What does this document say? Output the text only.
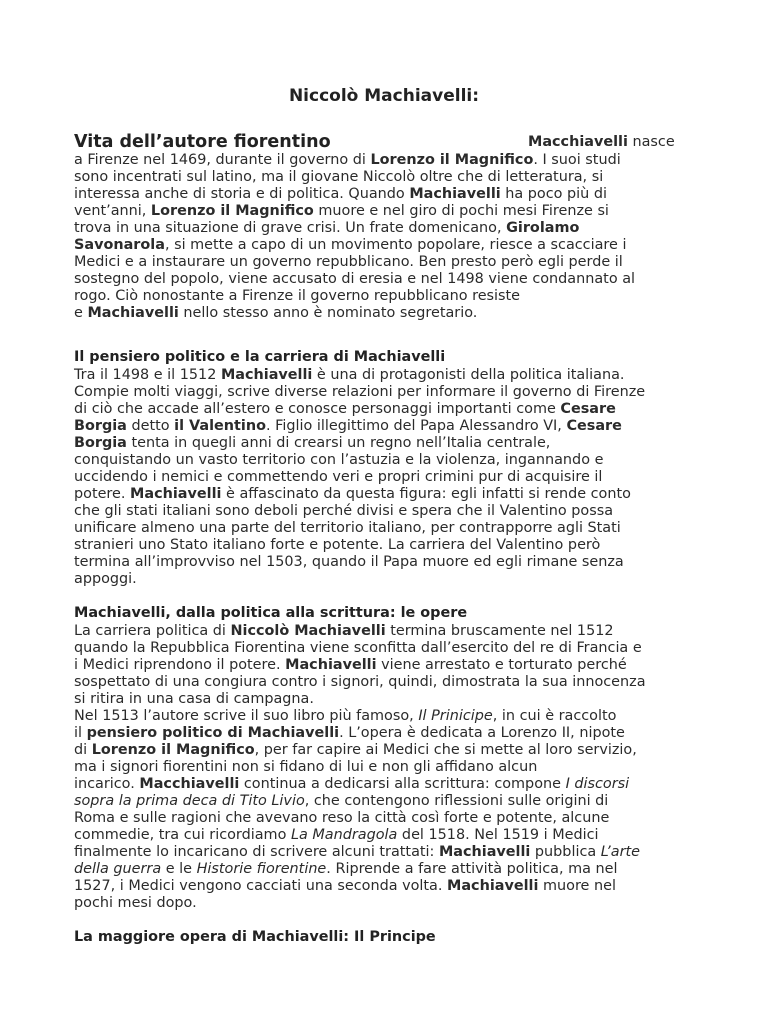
Niccolò Machiavelli:
Vita dell’autore fiorentino	Macchiavelli nasce
a Firenze nel 1469, durante il governo di Lorenzo il Magnifico. I suoi studi
sono incentrati sul latino, ma il giovane Niccolò oltre che di letteratura, si
interessa anche di storia e di politica. Quando Machiavelli ha poco più di
vent’anni, Lorenzo il Magnifico muore e nel giro di pochi mesi Firenze si
trova in una situazione di grave crisi. Un frate domenicano, Girolamo
Savonarola, si mette a capo di un movimento popolare, riesce a scacciare i
Medici e a instaurare un governo repubblicano. Ben presto però egli perde il
sostegno del popolo, viene accusato di eresia e nel 1498 viene condannato al
rogo. Ciò nonostante a Firenze il governo repubblicano resiste
e Machiavelli nello stesso anno è nominato segretario.
Il pensiero politico e la carriera di Machiavelli
Tra il 1498 e il 1512 Machiavelli è una di protagonisti della politica italiana.
Compie molti viaggi, scrive diverse relazioni per informare il governo di Firenze
di ciò che accade all’estero e conosce personaggi importanti come Cesare
Borgia detto il Valentino. Figlio illegittimo del Papa Alessandro VI, Cesare
Borgia tenta in quegli anni di crearsi un regno nell’Italia centrale,
conquistando un vasto territorio con l’astuzia e la violenza, ingannando e
uccidendo i nemici e commettendo veri e propri crimini pur di acquisire il
potere. Machiavelli è affascinato da questa figura: egli infatti si rende conto
che gli stati italiani sono deboli perché divisi e spera che il Valentino possa
unificare almeno una parte del territorio italiano, per contrapporre agli Stati
stranieri uno Stato italiano forte e potente. La carriera del Valentino però
termina all’improvviso nel 1503, quando il Papa muore ed egli rimane senza
appoggi.
Machiavelli, dalla politica alla scrittura: le opere
La carriera politica di Niccolò Machiavelli termina bruscamente nel 1512
quando la Repubblica Fiorentina viene sconfitta dall’esercito del re di Francia e
i Medici riprendono il potere. Machiavelli viene arrestato e torturato perché
sospettato di una congiura contro i signori, quindi, dimostrata la sua innocenza
si ritira in una casa di campagna.
Nel 1513 l’autore scrive il suo libro più famoso, Il Prinicipe, in cui è raccolto
il pensiero politico di Machiavelli. L’opera è dedicata a Lorenzo II, nipote
di Lorenzo il Magnifico, per far capire ai Medici che si mette al loro servizio,
ma i signori fiorentini non si fidano di lui e non gli affidano alcun
incarico. Macchiavelli continua a dedicarsi alla scrittura: compone I discorsi
sopra la prima deca di Tito Livio, che contengono riflessioni sulle origini di
Roma e sulle ragioni che avevano reso la città così forte e potente, alcune
commedie, tra cui ricordiamo La Mandragola del 1518. Nel 1519 i Medici
finalmente lo incaricano di scrivere alcuni trattati: Machiavelli pubblica L’arte
della guerra e le Historie fiorentine. Riprende a fare attività politica, ma nel
1527, i Medici vengono cacciati una seconda volta. Machiavelli muore nel
pochi mesi dopo.
La maggiore opera di Machiavelli: Il Principe
